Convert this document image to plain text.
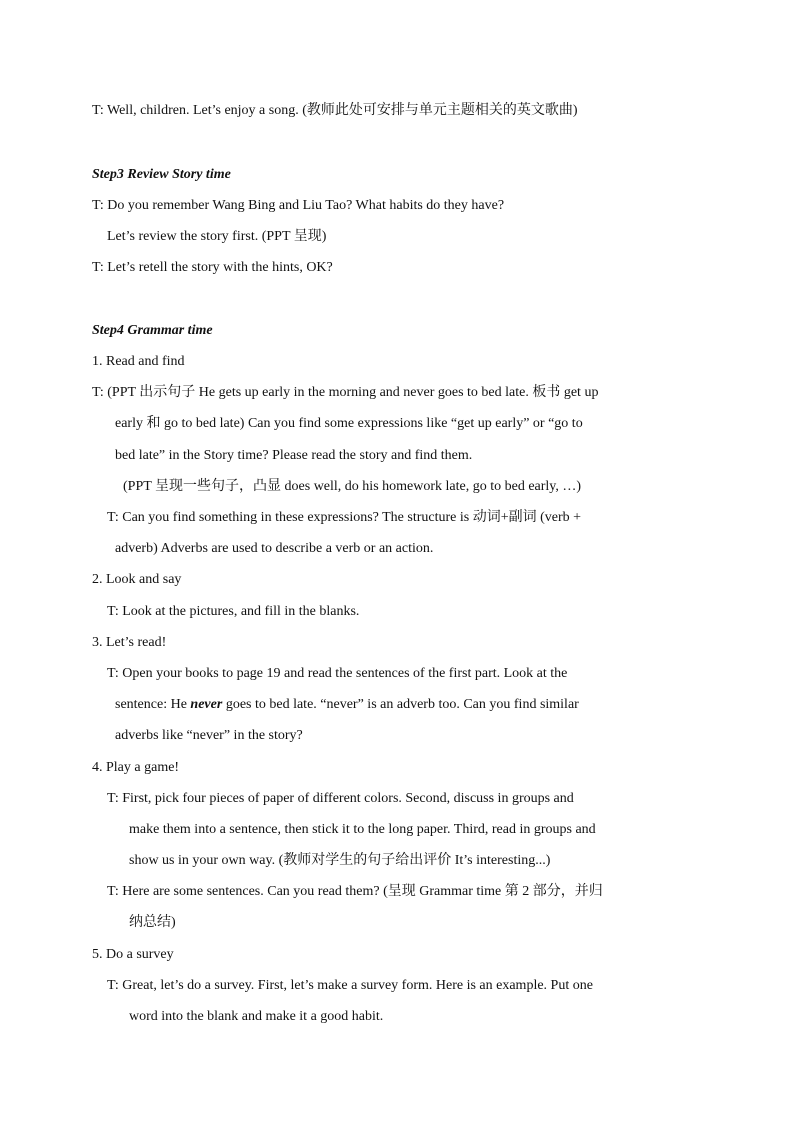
T: Well, children. Let’s enjoy a song. (教师此处可安排与单元主题相关的英文歌曲)
Step3 Review Story time
T: Do you remember Wang Bing and Liu Tao? What habits do they have?
Let’s review the story first. (PPT 呈现)
T: Let’s retell the story with the hints, OK?
Step4 Grammar time
1. Read and find
T: (PPT 出示句子 He gets up early in the morning and never goes to bed late. 板书 get up
early 和 go to bed late) Can you find some expressions like “get up early” or “go to
bed late” in the Story time? Please read the story and find them.
(PPT 呈现一些句子，凸显 does well, do his homework late, go to bed early, …)
T: Can you find something in these expressions? The structure is 动词+副词 (verb +
adverb) Adverbs are used to describe a verb or an action.
2. Look and say
T: Look at the pictures, and fill in the blanks.
3. Let’s read!
T: Open your books to page 19 and read the sentences of the first part. Look at the
sentence: He never goes to bed late. “never” is an adverb too. Can you find similar
adverbs like “never” in the story?
4. Play a game!
T: First, pick four pieces of paper of different colors. Second, discuss in groups and
make them into a sentence, then stick it to the long paper. Third, read in groups and
show us in your own way. (教师对学生的句子给出评价 It’s interesting...)
T: Here are some sentences. Can you read them? (呈现 Grammar time 第 2 部分，并归
纳总结)
5. Do a survey
T: Great, let’s do a survey. First, let’s make a survey form. Here is an example. Put one
word into the blank and make it a good habit.
